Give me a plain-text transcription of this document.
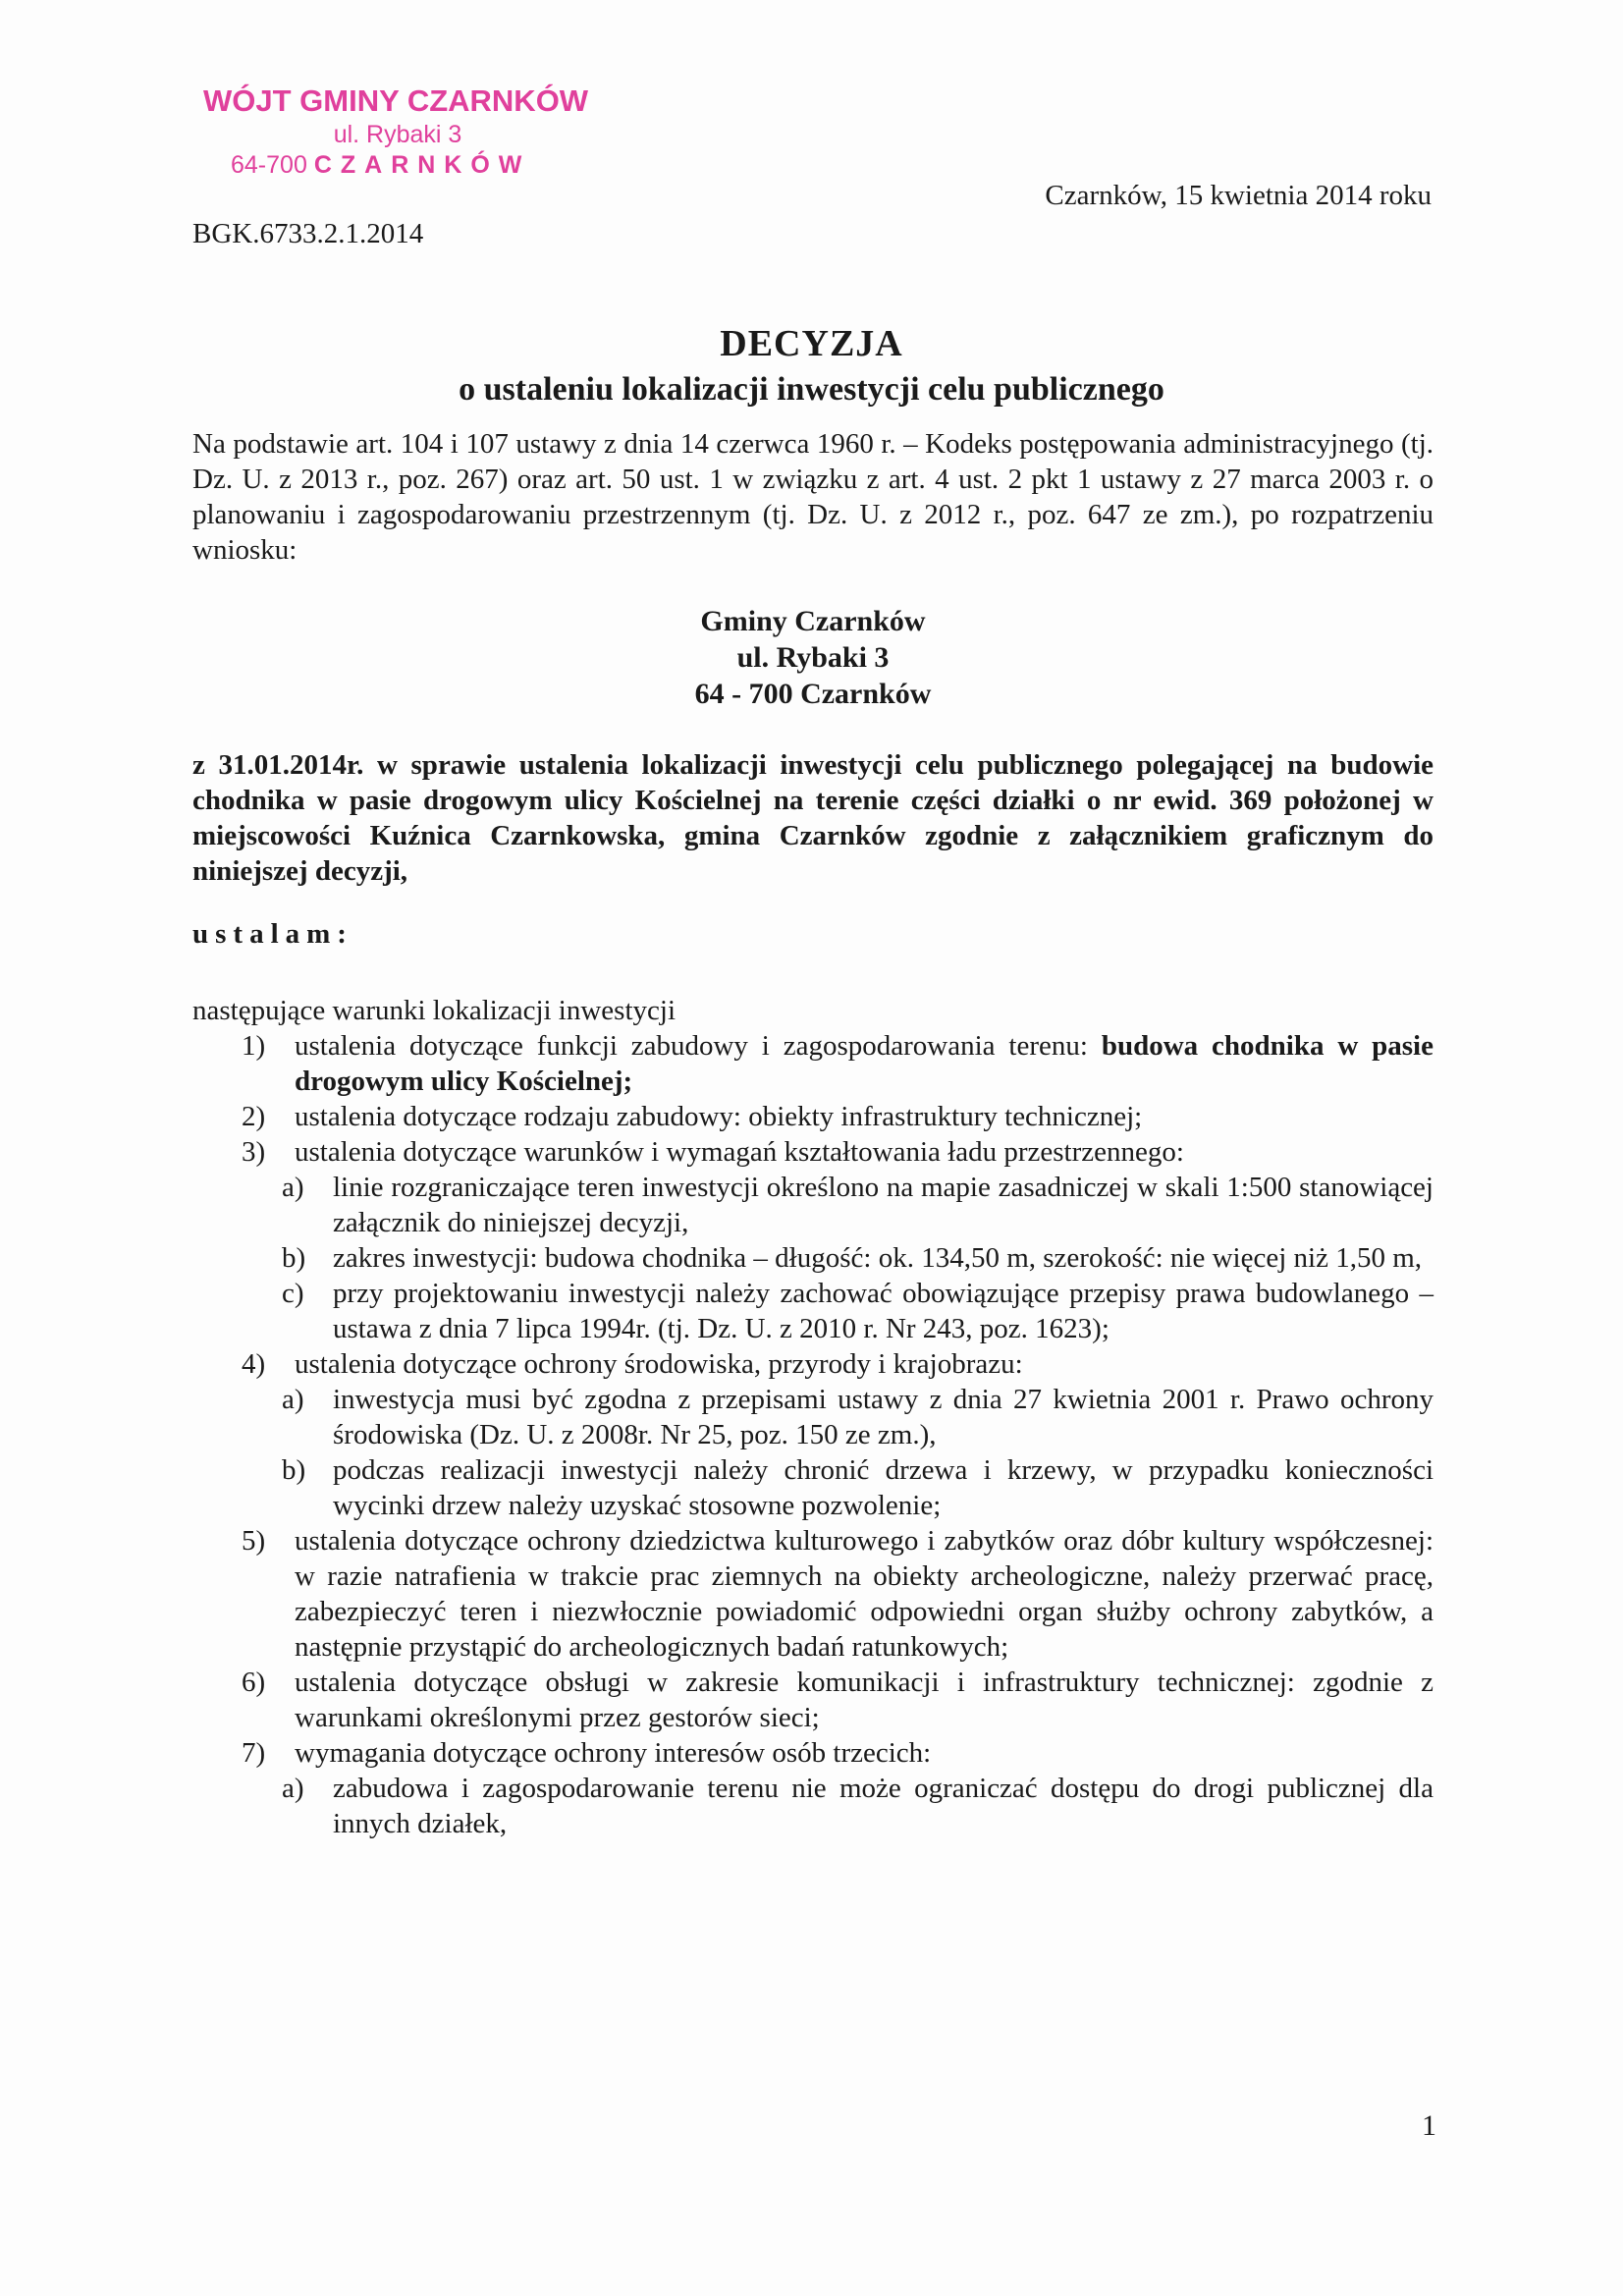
WÓJT GMINY CZARNKÓW
ul. Rybaki 3
64-700 CZARNKÓW
Czarnków, 15 kwietnia 2014 roku
BGK.6733.2.1.2014
DECYZJA
o ustaleniu lokalizacji inwestycji celu publicznego
Na podstawie art. 104 i 107 ustawy z dnia 14 czerwca 1960 r. – Kodeks postępowania administracyjnego (tj. Dz. U. z 2013 r., poz. 267) oraz art. 50 ust. 1 w związku z art. 4 ust. 2 pkt 1 ustawy z 27 marca 2003 r. o planowaniu i zagospodarowaniu przestrzennym (tj. Dz. U. z 2012 r., poz. 647 ze zm.), po rozpatrzeniu wniosku:
Gminy Czarnków
ul. Rybaki 3
64 - 700 Czarnków
z 31.01.2014r. w sprawie ustalenia lokalizacji inwestycji celu publicznego polegającej na budowie chodnika w pasie drogowym ulicy Kościelnej na terenie części działki o nr ewid. 369 położonej w miejscowości Kuźnica Czarnkowska, gmina Czarnków zgodnie z załącznikiem graficznym do niniejszej decyzji,
ustalam:
następujące warunki lokalizacji inwestycji
1) ustalenia dotyczące funkcji zabudowy i zagospodarowania terenu: budowa chodnika w pasie drogowym ulicy Kościelnej;
2) ustalenia dotyczące rodzaju zabudowy: obiekty infrastruktury technicznej;
3) ustalenia dotyczące warunków i wymagań kształtowania ładu przestrzennego:
a) linie rozgraniczające teren inwestycji określono na mapie zasadniczej w skali 1:500 stanowiącej załącznik do niniejszej decyzji,
b) zakres inwestycji: budowa chodnika – długość: ok. 134,50 m, szerokość: nie więcej niż 1,50 m,
c) przy projektowaniu inwestycji należy zachować obowiązujące przepisy prawa budowlanego – ustawa z dnia 7 lipca 1994r. (tj. Dz. U. z 2010 r. Nr 243, poz. 1623);
4) ustalenia dotyczące ochrony środowiska, przyrody i krajobrazu:
a) inwestycja musi być zgodna z przepisami ustawy z dnia 27 kwietnia 2001 r. Prawo ochrony środowiska (Dz. U. z 2008r. Nr 25, poz. 150 ze zm.),
b) podczas realizacji inwestycji należy chronić drzewa i krzewy, w przypadku konieczności wycinki drzew należy uzyskać stosowne pozwolenie;
5) ustalenia dotyczące ochrony dziedzictwa kulturowego i zabytków oraz dóbr kultury współczesnej: w razie natrafienia w trakcie prac ziemnych na obiekty archeologiczne, należy przerwać pracę, zabezpieczyć teren i niezwłocznie powiadomić odpowiedni organ służby ochrony zabytków, a następnie przystąpić do archeologicznych badań ratunkowych;
6) ustalenia dotyczące obsługi w zakresie komunikacji i infrastruktury technicznej: zgodnie z warunkami określonymi przez gestorów sieci;
7) wymagania dotyczące ochrony interesów osób trzecich:
a) zabudowa i zagospodarowanie terenu nie może ograniczać dostępu do drogi publicznej dla innych działek,
1
